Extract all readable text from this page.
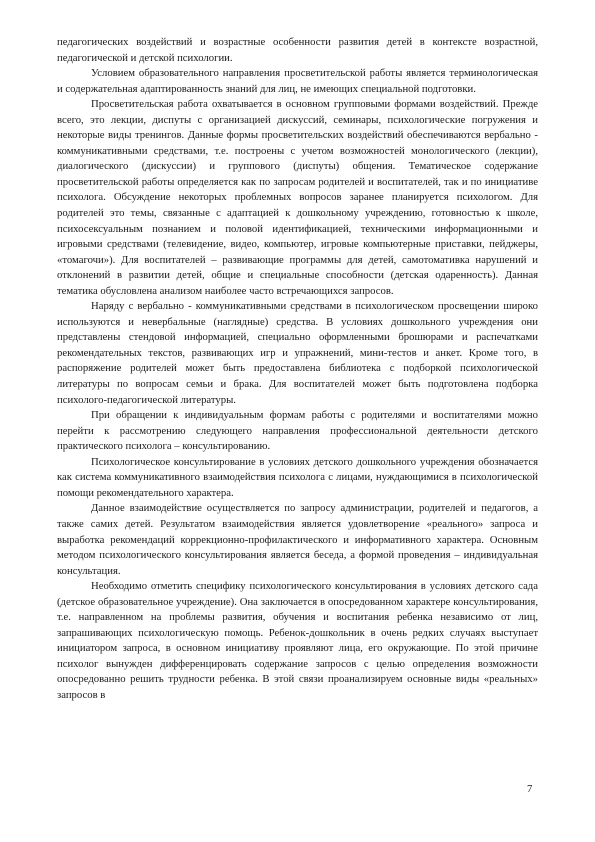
педагогических воздействий и возрастные особенности развития детей в контексте возрастной, педагогической и детской психологии.

Условием образовательного направления просветительской работы является терминологическая и содержательная адаптированность знаний для лиц, не имеющих специальной подготовки.

Просветительская работа охватывается в основном групповыми формами воздействий. Прежде всего, это лекции, диспуты с организацией дискуссий, семинары, психологические погружения и некоторые виды тренингов. Данные формы просветительских воздействий обеспечиваются вербально - коммуникативными средствами, т.е. построены с учетом возможностей монологического (лекции), диалогического (дискуссии) и группового (диспуты) общения. Тематическое содержание просветительской работы определяется как по запросам родителей и воспитателей, так и по инициативе психолога. Обсуждение некоторых проблемных вопросов заранее планируется психологом. Для родителей это темы, связанные с адаптацией к дошкольному учреждению, готовностью к школе, психосексуальным познанием и половой идентификацией, техническими информационными и игровыми средствами (телевидение, видео, компьютер, игровые компьютерные приставки, пейджеры, «томагочи»). Для воспитателей – развивающие программы для детей, самотомативка нарушений и отклонений в развитии детей, общие и специальные способности (детская одаренность). Данная тематика обусловлена анализом наиболее часто встречающихся запросов.

Наряду с вербально - коммуникативными средствами в психологическом просвещении широко используются и невербальные (наглядные) средства. В условиях дошкольного учреждения они представлены стендовой информацией, специально оформленными брошюрами и распечатками рекомендательных текстов, развивающих игр и упражнений, мини-тестов и анкет. Кроме того, в распоряжение родителей может быть предоставлена библиотека с подборкой психологической литературы по вопросам семьи и брака. Для воспитателей может быть подготовлена подборка психолого-педагогической литературы.

При обращении к индивидуальным формам работы с родителями и воспитателями можно перейти к рассмотрению следующего направления профессиональной деятельности детского практического психолога – консультированию.

Психологическое консультирование в условиях детского дошкольного учреждения обозначается как система коммуникативного взаимодействия психолога с лицами, нуждающимися в психологической помощи рекомендательного характера.

Данное взаимодействие осуществляется по запросу администрации, родителей и педагогов, а также самих детей. Результатом взаимодействия является удовлетворение «реального» запроса и выработка рекомендаций коррекционно-профилактического и информативного характера. Основным методом психологического консультирования является беседа, а формой проведения – индивидуальная консультация.

Необходимо отметить специфику психологического консультирования в условиях детского сада (детское образовательное учреждение). Она заключается в опосредованном характере консультирования, т.е. направленном на проблемы развития, обучения и воспитания ребенка независимо от лиц, запрашивающих психологическую помощь. Ребенок-дошкольник в очень редких случаях выступает инициатором запроса, в основном инициативу проявляют лица, его окружающие. По этой причине психолог вынужден дифференцировать содержание запросов с целью определения возможности опосредованно решить трудности ребенка. В этой связи проанализируем основные виды «реальных» запросов в

7
